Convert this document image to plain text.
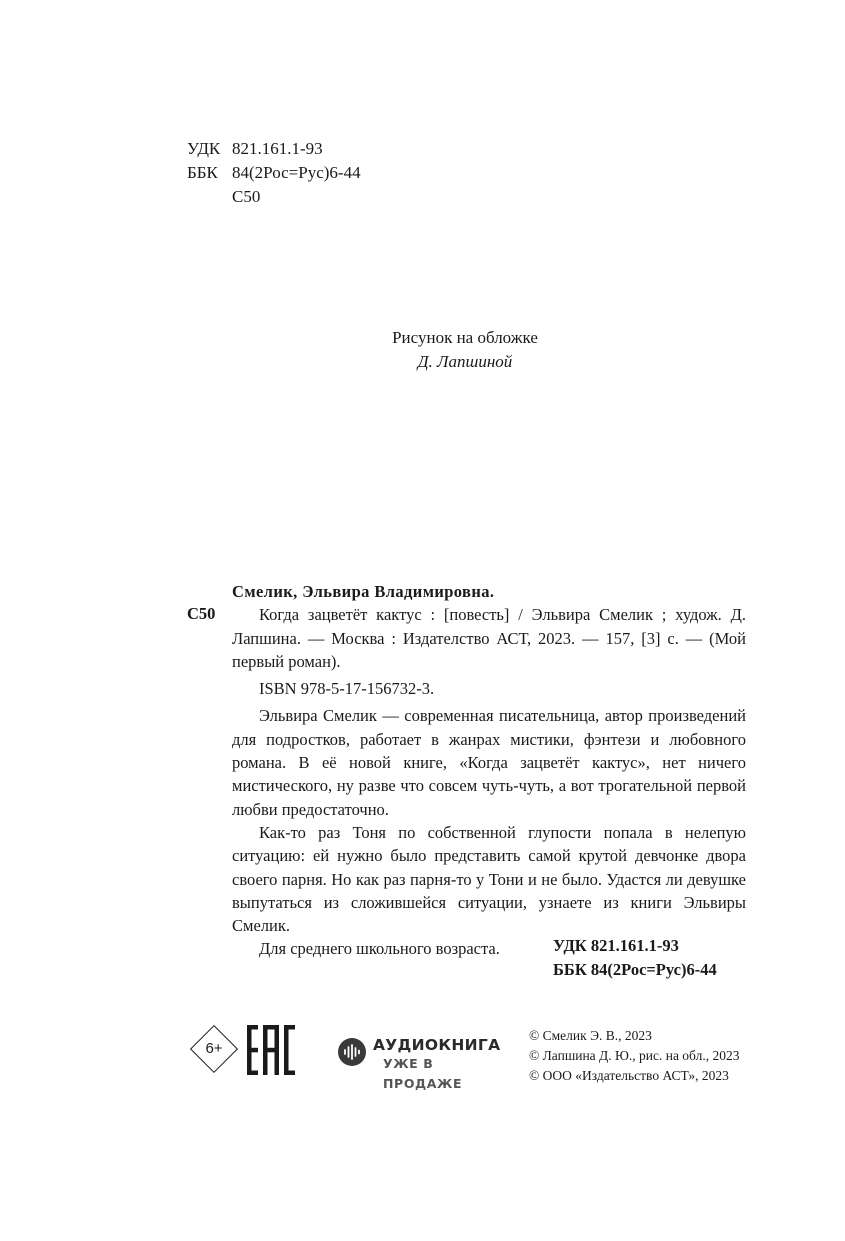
УДК 821.161.1-93
ББК 84(2Рос=Рус)6-44
С50
Рисунок на обложке
Д. Лапшиной
С50

Смелик, Эльвира Владимировна.

Когда зацветёт кактус : [повесть] / Эльвира Смелик ; худож. Д. Лапшина. — Москва : Издателство АСТ, 2023. — 157, [3] с. — (Мой первый роман).

ISBN 978-5-17-156732-3.

Эльвира Смелик — современная писательница, автор произведений для подростков, работает в жанрах мистики, фэнтези и любовного романа. В её новой книге, «Когда зацветёт кактус», нет ничего мистического, ну разве что совсем чуть-чуть, а вот трогательной первой любви предостаточно.

Как-то раз Тоня по собственной глупости попала в нелепую ситуацию: ей нужно было представить самой крутой девчонке двора своего парня. Но как раз парня-то у Тони и не было. Удастся ли девушке выпутаться из сложившейся ситуации, узнаете из книги Эльвиры Смелик.

Для среднего школьного возраста.	УДК
821.161.1-93
ББК
84(2Рос=Рус)6-44
6+	АУДИОКНИГА
УЖЕ В ПРОДАЖЕ
© Смелик Э. В., 2023
© Лапшина Д. Ю., рис. на обл., 2023
© ООО «Издательство АСТ», 2023
